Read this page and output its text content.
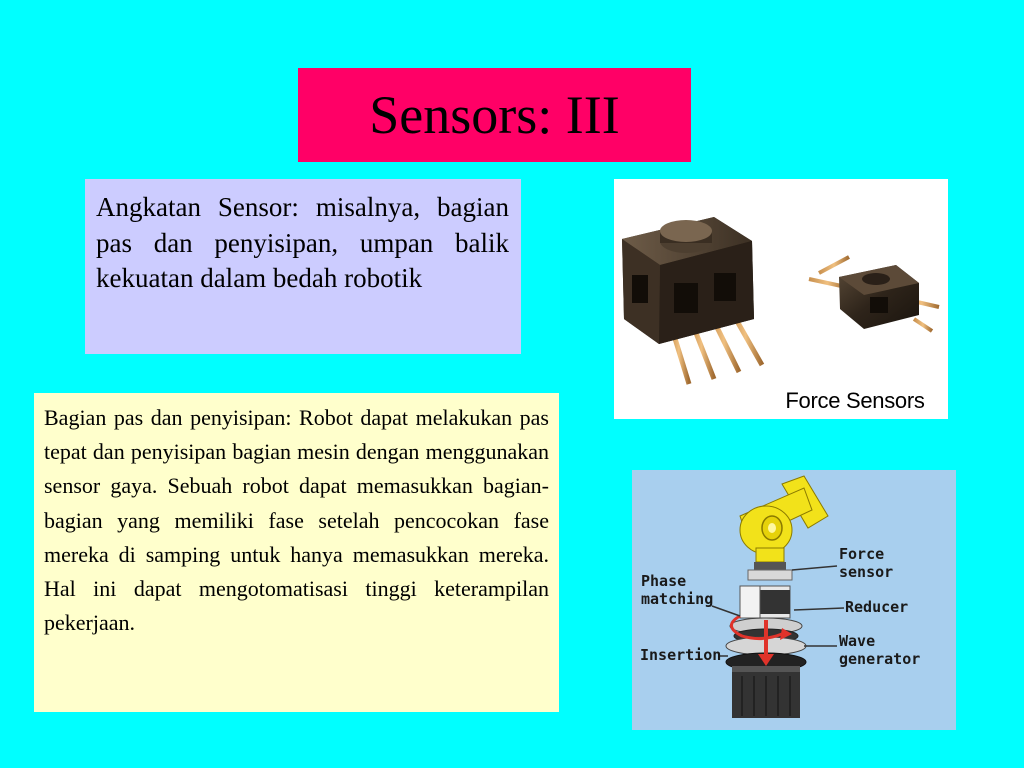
Sensors: III
Angkatan Sensor: misalnya, bagian pas dan penyisipan, umpan balik kekuatan dalam bedah robotik
Bagian pas dan penyisipan: Robot dapat melakukan pas tepat dan penyisipan bagian mesin dengan menggunakan sensor gaya. Sebuah robot dapat memasukkan bagian-bagian yang memiliki fase setelah pencocokan fase mereka di samping untuk hanya memasukkan mereka. Hal ini dapat mengotomatisasi tinggi keterampilan pekerjaan.
Force Sensors
Phase
matching
Insertion
Force
sensor
Reducer
Wave
generator
